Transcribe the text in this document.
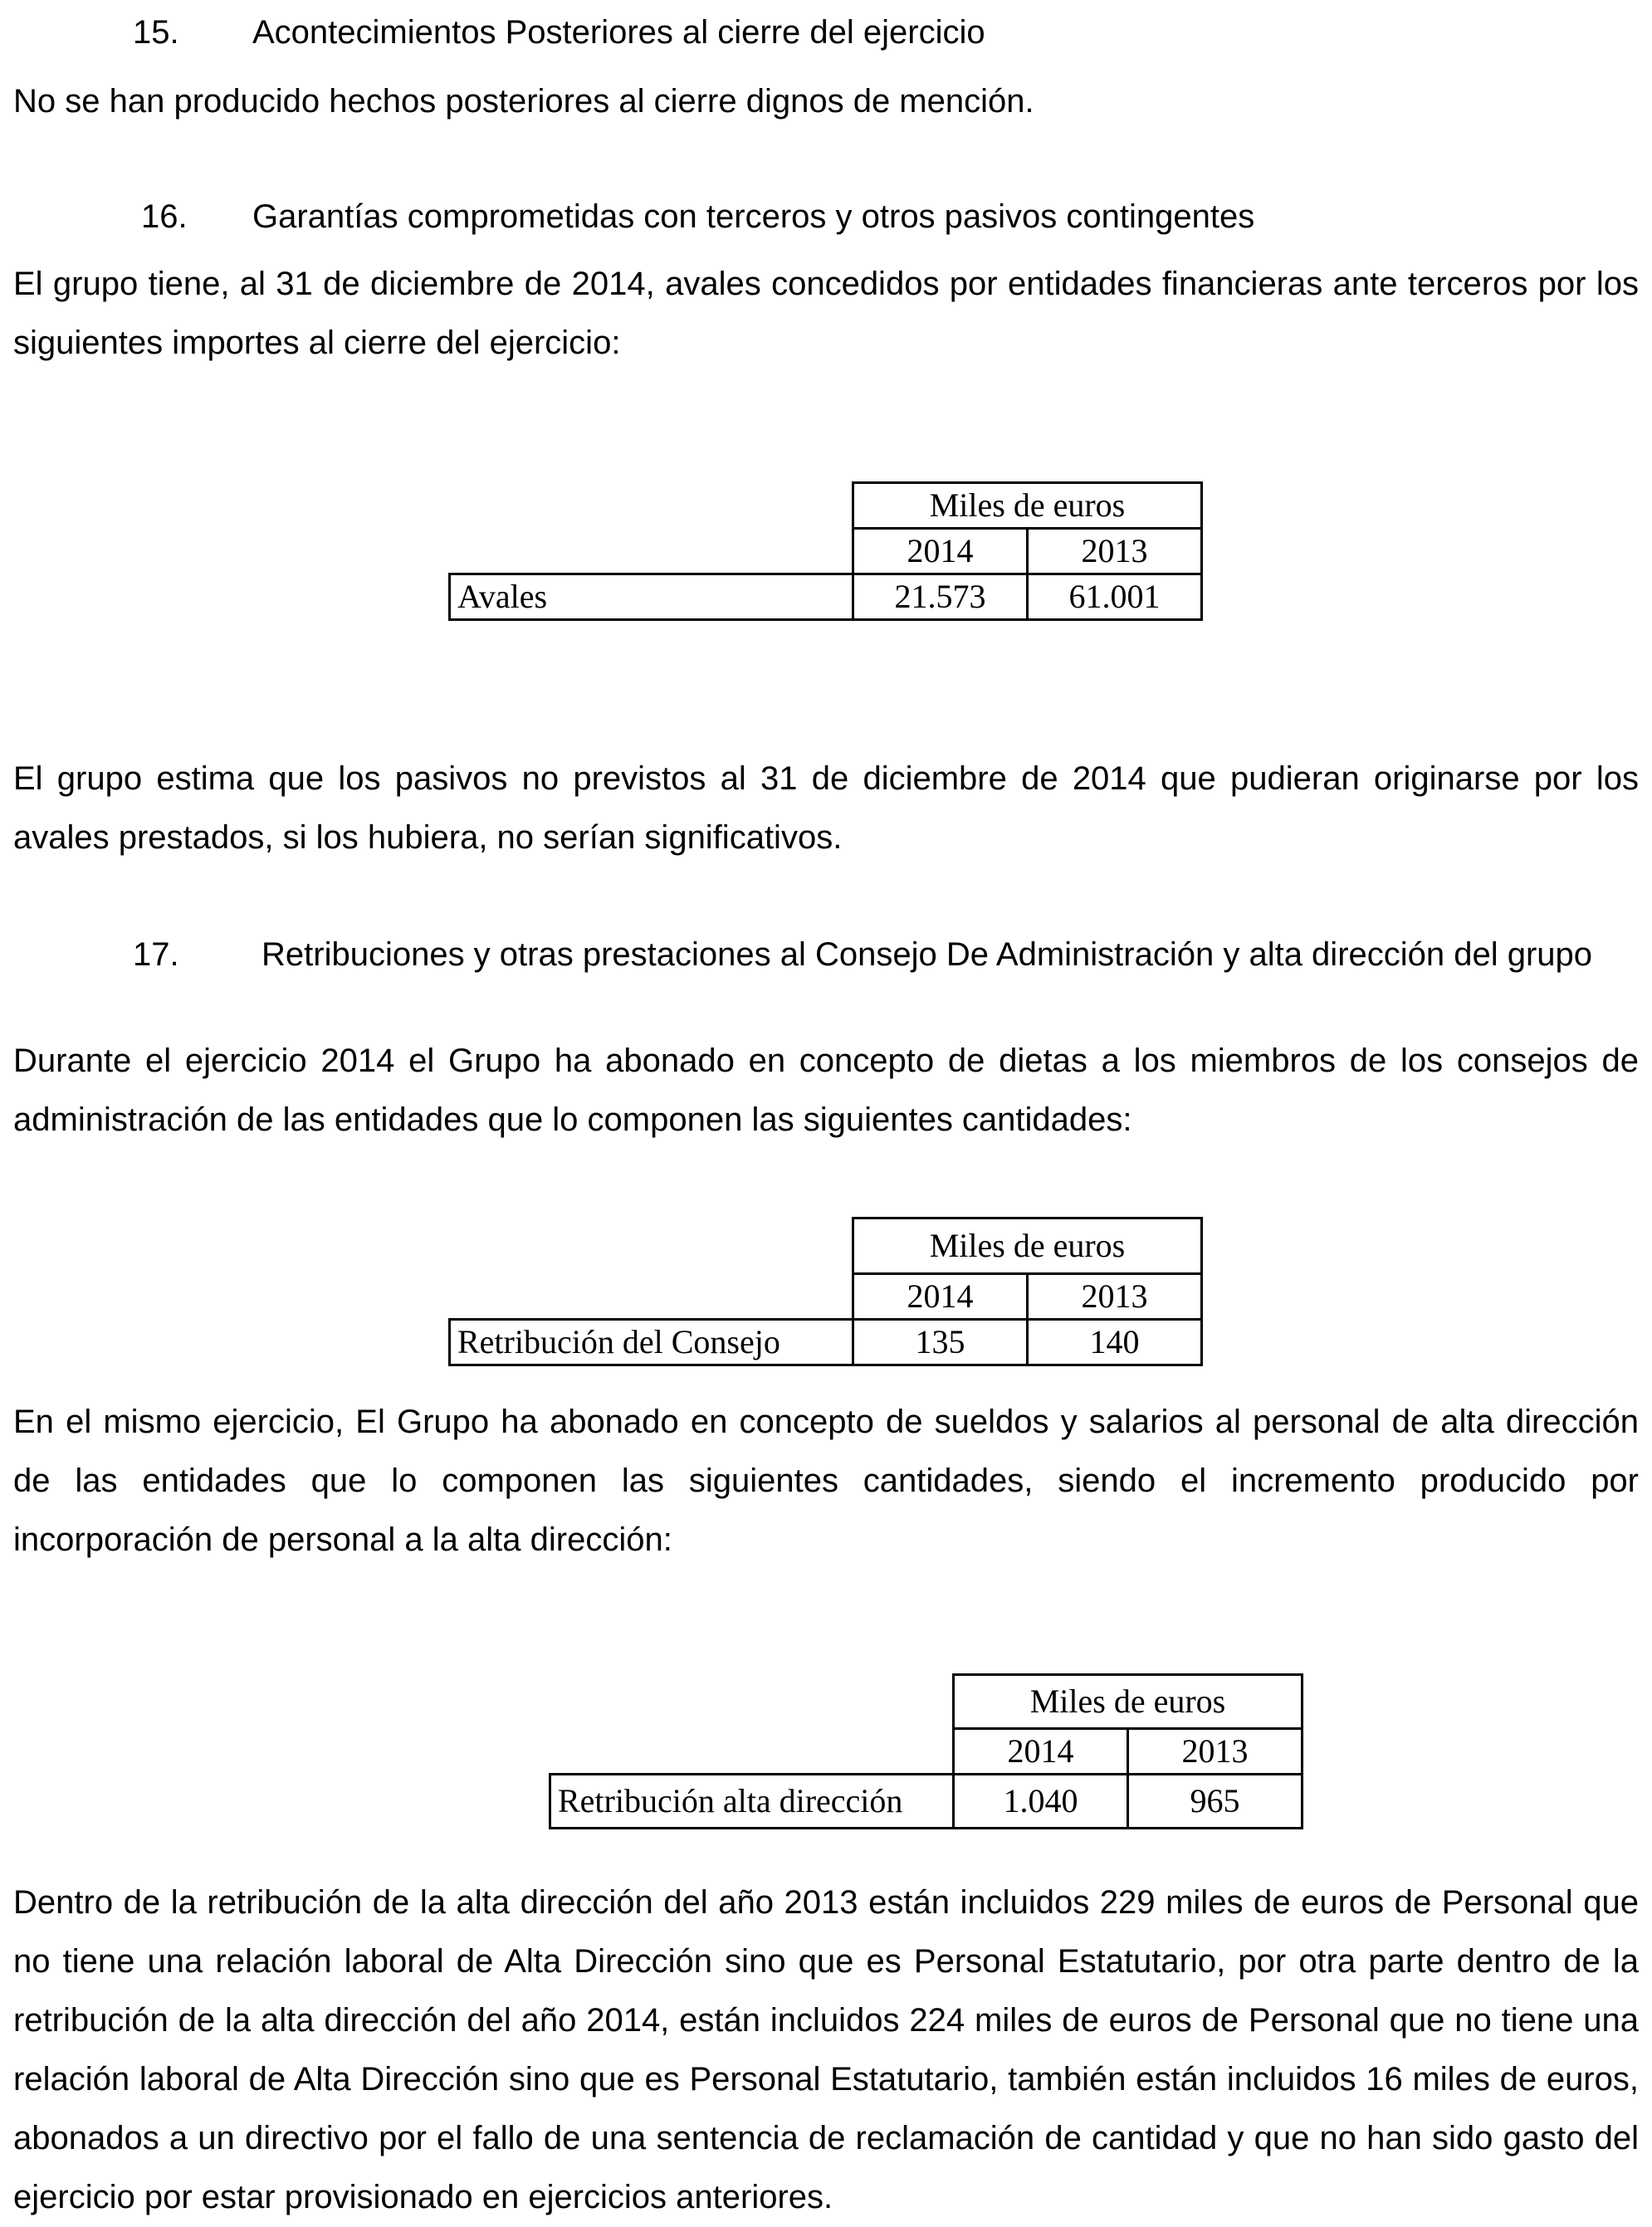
15. Acontecimientos Posteriores al cierre del ejercicio

No se han producido hechos posteriores al cierre dignos de mención.

16. Garantías comprometidas con terceros y otros pasivos contingentes

El grupo tiene, al 31 de diciembre de 2014, avales concedidos por entidades financieras ante terceros por los siguientes importes al cierre del ejercicio:

	Miles de euros	
	2014	2013
Avales	21.573	61.001

El grupo estima que los pasivos no previstos al 31 de diciembre de 2014 que pudieran originarse por los avales prestados, si los hubiera, no serían significativos.

17. Retribuciones y otras prestaciones al Consejo De Administración y alta dirección del grupo

Durante el ejercicio 2014 el Grupo ha abonado en concepto de dietas a los miembros de los consejos de administración de las entidades que lo componen las siguientes cantidades:

	Miles de euros	
	2014	2013
Retribución del Consejo	135	140

En el mismo ejercicio, El Grupo ha abonado en concepto de sueldos y salarios al personal de alta dirección de las entidades que lo componen las siguientes cantidades, siendo el incremento producido por incorporación de personal a la alta dirección:

	Miles de euros	
	2014	2013
Retribución alta dirección	1.040	965

Dentro de la retribución de la alta dirección del año 2013 están incluidos 229 miles de euros de Personal que no tiene una relación laboral de Alta Dirección sino que es Personal Estatutario, por otra parte dentro de la retribución de la alta dirección del año 2014, están incluidos 224 miles de euros de Personal que no tiene una relación laboral de Alta Dirección sino que es Personal Estatutario, también están incluidos 16 miles de euros, abonados a un directivo por el fallo de una sentencia de reclamación de cantidad y que no han sido gasto del ejercicio por estar provisionado en ejercicios anteriores.
